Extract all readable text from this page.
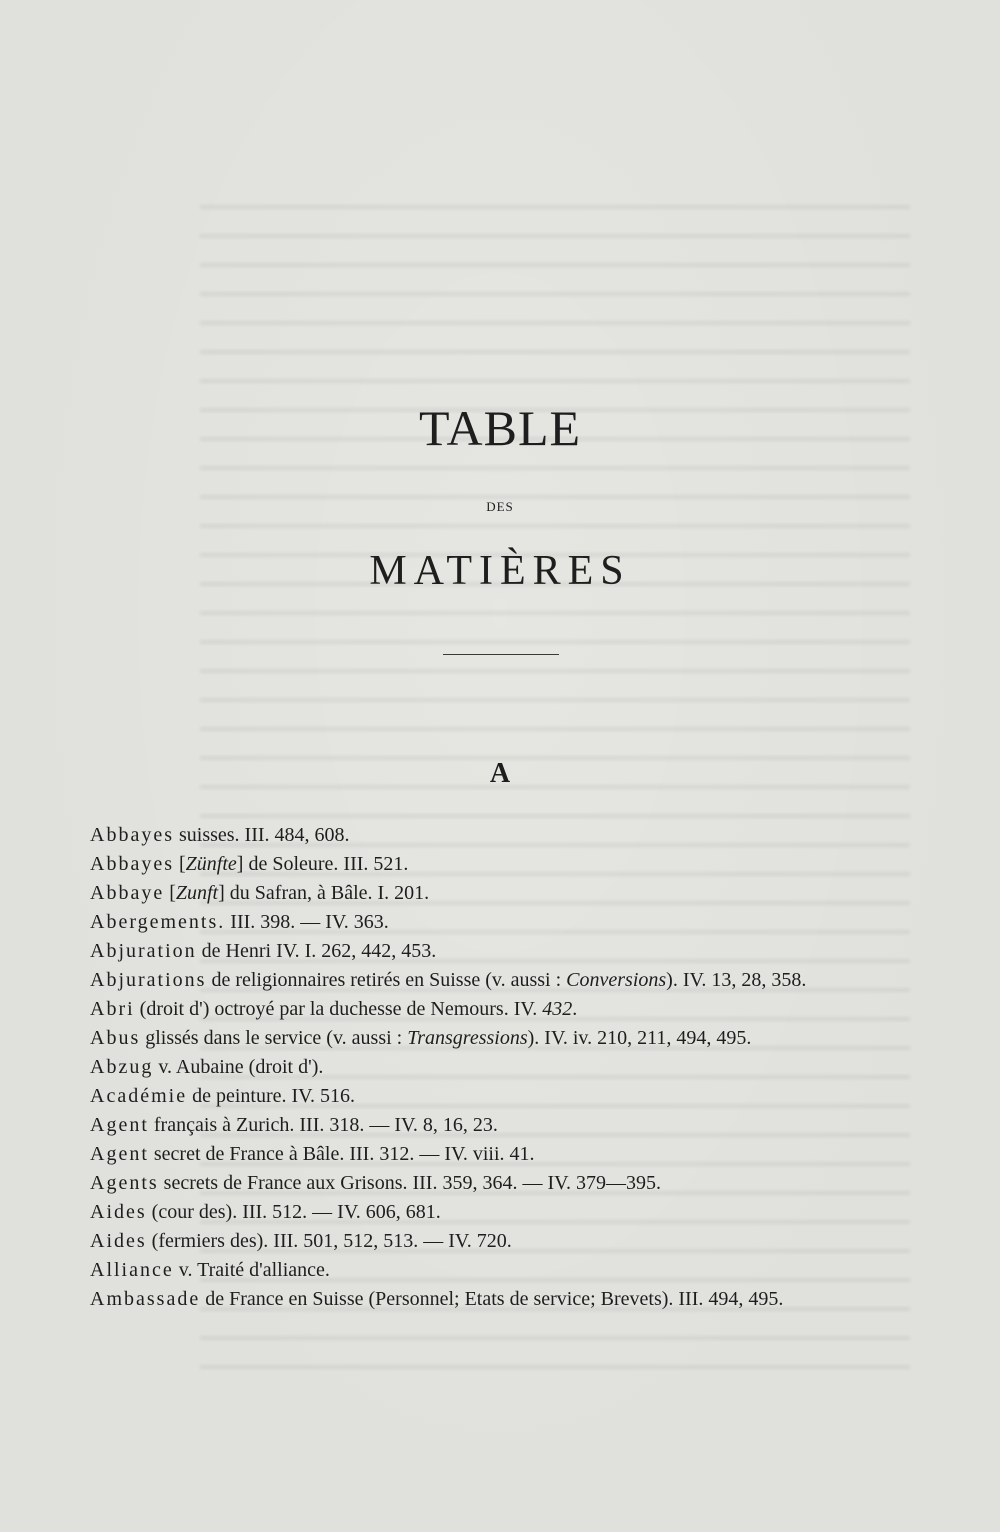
TABLE
DES
MATIÈRES
A

Abbayes suisses. III. 484, 608.

Abbayes [Zünfte] de Soleure. III. 521.

Abbaye [Zunft] du Safran, à Bâle. I. 201.

Abergements. III. 398. — IV. 363.

Abjuration de Henri IV. I. 262, 442, 453.

Abjurations de religionnaires retirés en Suisse (v. aussi : Conversions). IV. 13, 28, 358.

Abri (droit d') octroyé par la duchesse de Nemours. IV. 432.

Abus glissés dans le service (v. aussi : Transgressions). IV. iv. 210, 211, 494, 495.

Abzug v. Aubaine (droit d').

Académie de peinture. IV. 516.

Agent français à Zurich. III. 318. — IV. 8, 16, 23.

Agent secret de France à Bâle. III. 312. — IV. viii. 41.

Agents secrets de France aux Grisons. III. 359, 364. — IV. 379—395.

Aides (cour des). III. 512. — IV. 606, 681.

Aides (fermiers des). III. 501, 512, 513. — IV. 720.

Alliance v. Traité d'alliance.

Ambassade de France en Suisse (Personnel; Etats de service; Brevets). III. 494, 495.
